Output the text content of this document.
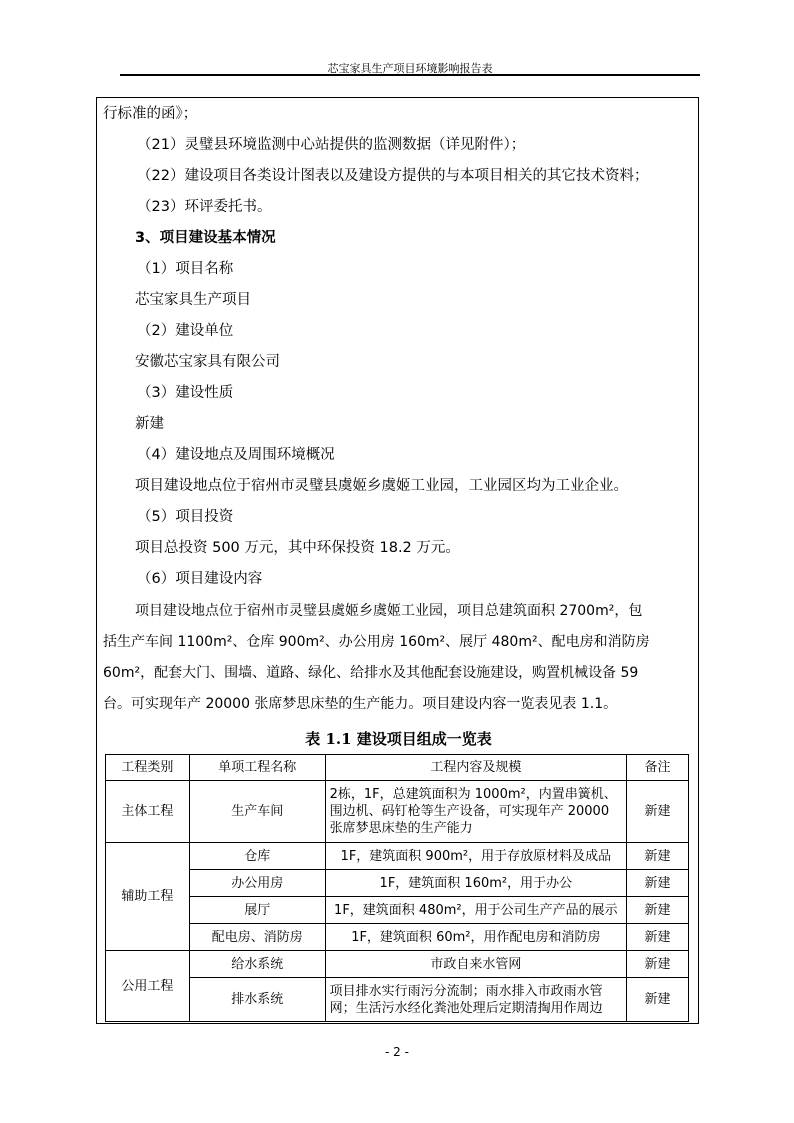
芯宝家具生产项目环境影响报告表
行标准的函》；
（21）灵璧县环境监测中心站提供的监测数据（详见附件）；
（22）建设项目各类设计图表以及建设方提供的与本项目相关的其它技术资料；
（23）环评委托书。
3、项目建设基本情况
（1）项目名称
芯宝家具生产项目
（2）建设单位
安徽芯宝家具有限公司
（3）建设性质
新建
（4）建设地点及周围环境概况
项目建设地点位于宿州市灵璧县虞姬乡虞姬工业园，工业园区均为工业企业。
（5）项目投资
项目总投资 500 万元，其中环保投资 18.2 万元。
（6）项目建设内容
项目建设地点位于宿州市灵璧县虞姬乡虞姬工业园，项目总建筑面积 2700m²，包
括生产车间 1100m²、仓库 900m²、办公用房 160m²、展厅 480m²、配电房和消防房
60m²，配套大门、围墙、道路、绿化、给排水及其他配套设施建设，购置机械设备 59
台。可实现年产 20000 张席梦思床垫的生产能力。项目建设内容一览表见表 1.1。
表 1.1 建设项目组成一览表
工程类别	单项工程名称	工程内容及规模	备注
主体工程	生产车间	2栋，1F，总建筑面积为 1000m²，内置串簧机、围边机、码钉枪等生产设备，可实现年产 20000 张席梦思床垫的生产能力	新建
辅助工程	仓库	1F，建筑面积 900m²，用于存放原材料及成品	新建
	办公用房	1F，建筑面积 160m²，用于办公	新建
	展厅	1F，建筑面积 480m²，用于公司生产产品的展示	新建
	配电房、消防房	1F，建筑面积 60m²，用作配电房和消防房	新建
公用工程	给水系统	市政自来水管网	新建
	排水系统	项目排水实行雨污分流制；雨水排入市政雨水管网；生活污水经化粪池处理后定期清掏用作周边	新建
- 2 -
